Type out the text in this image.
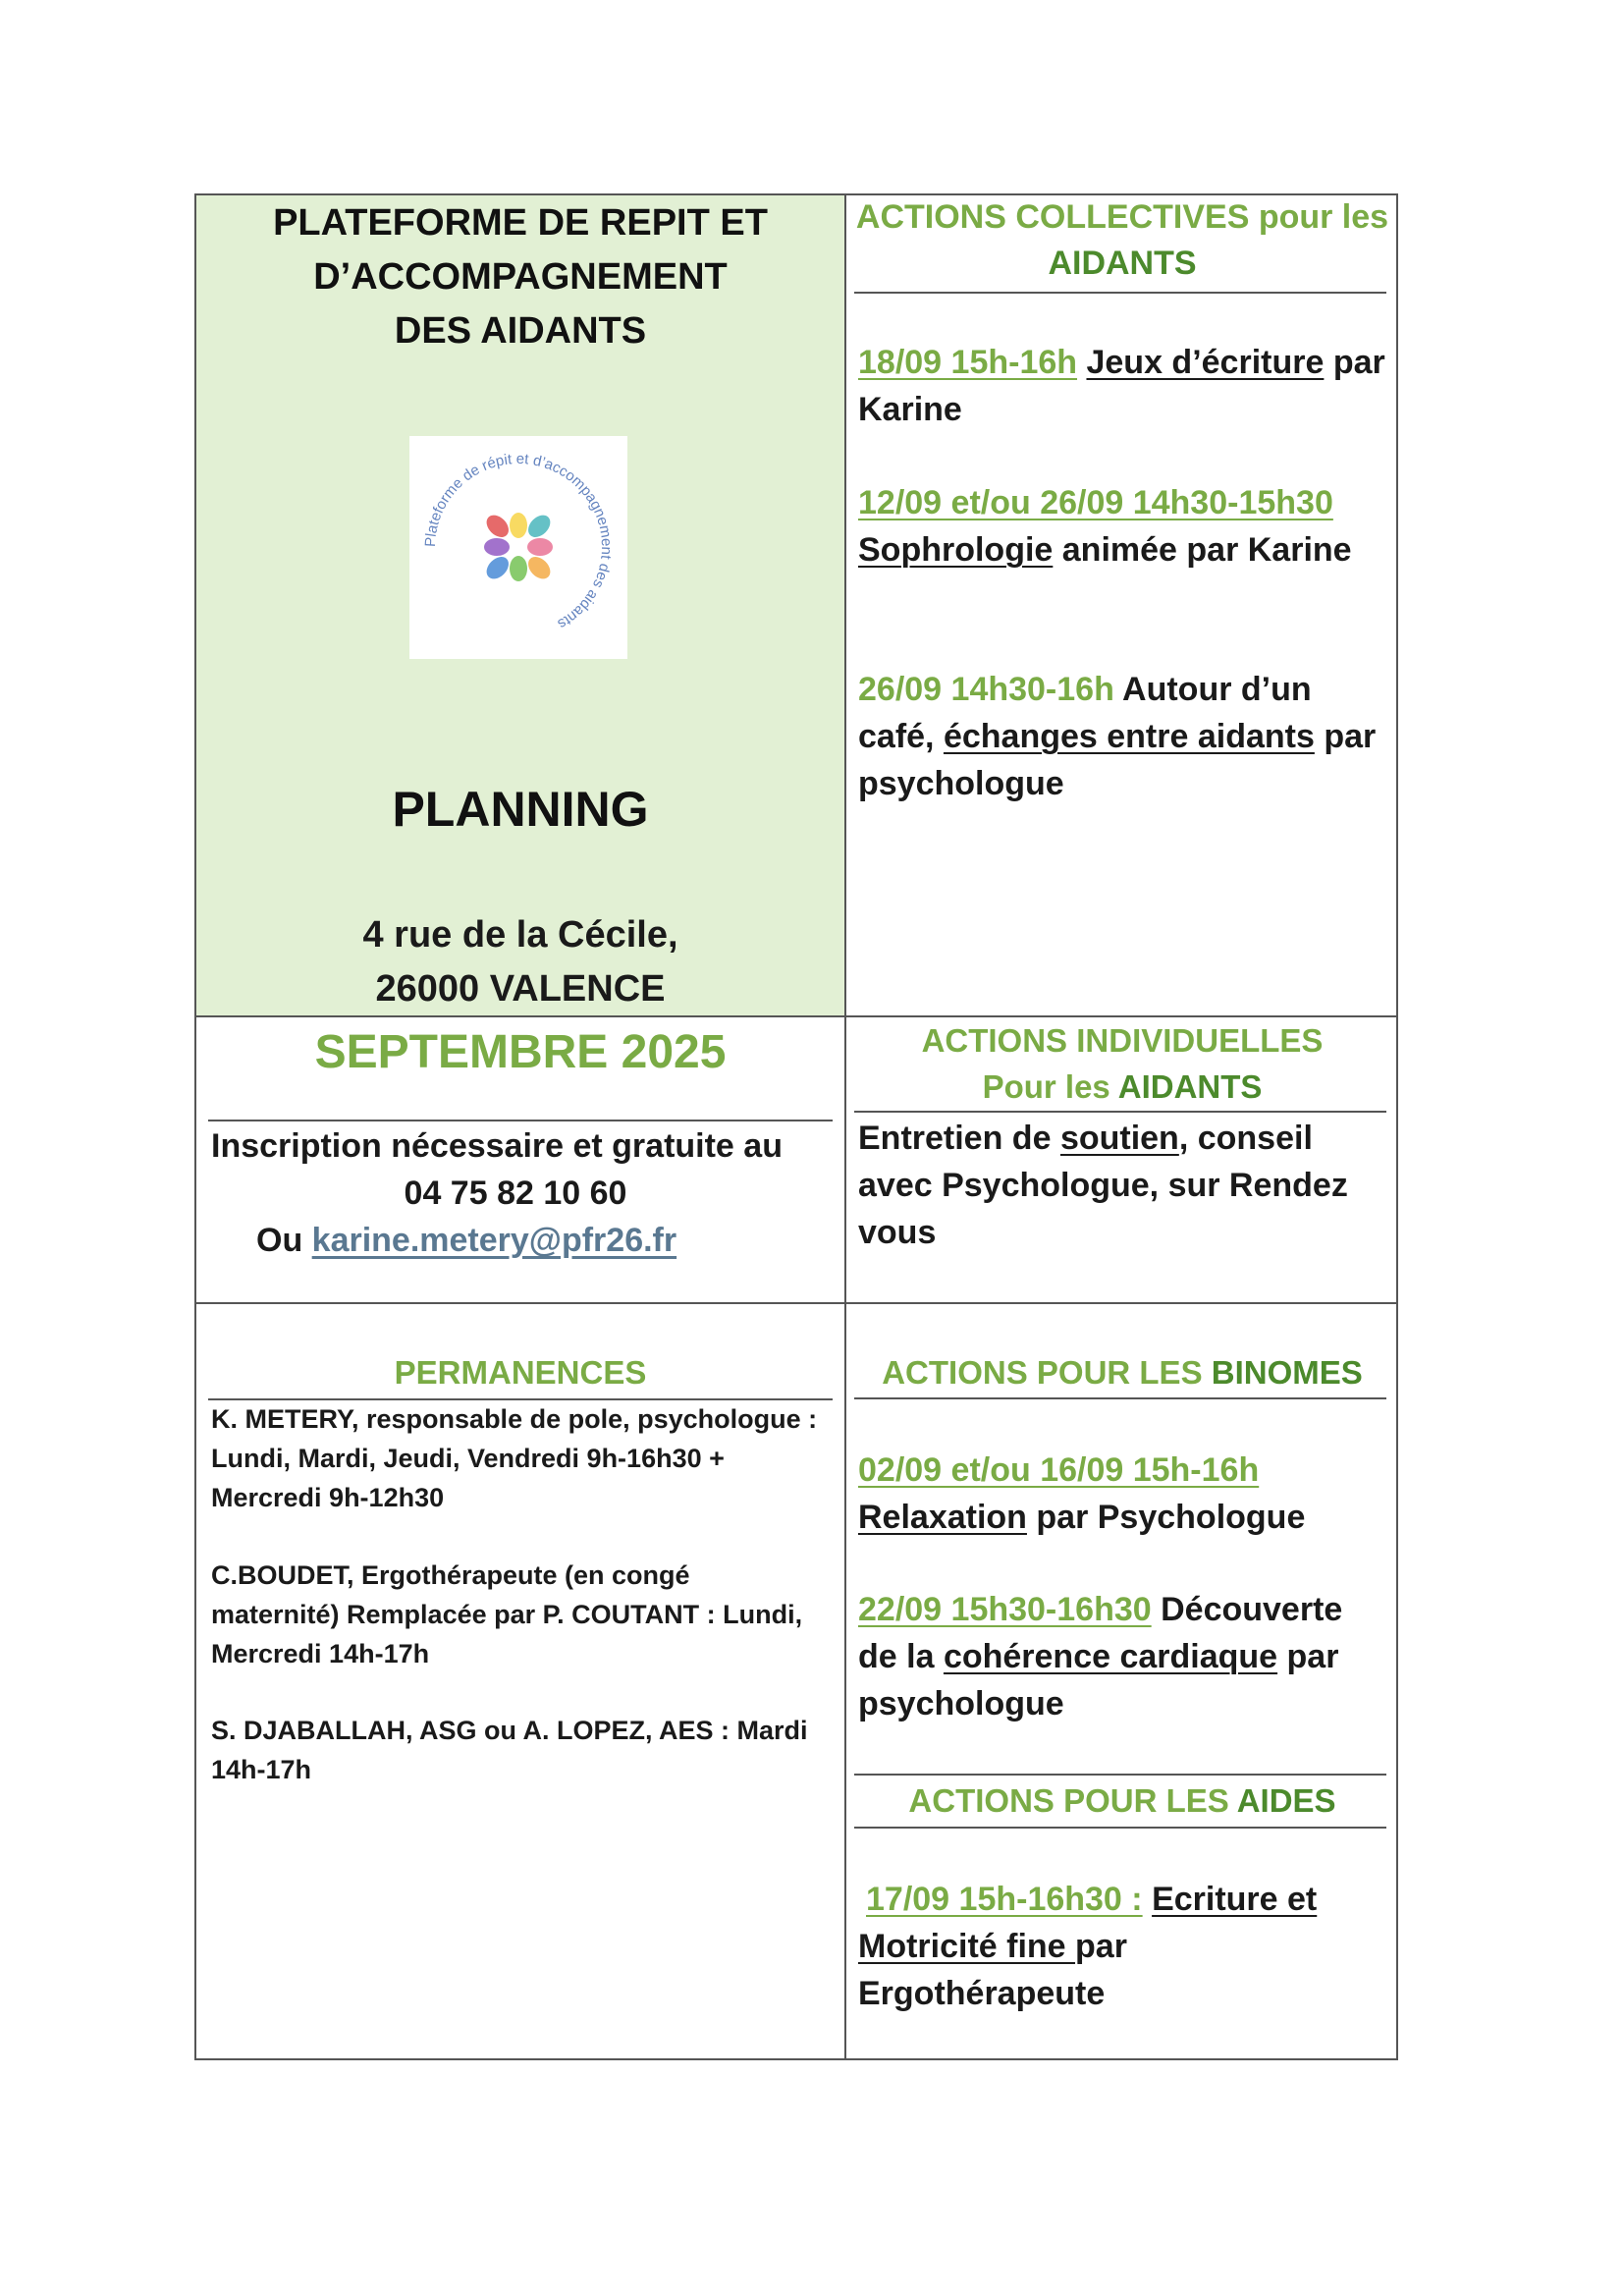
PLATEFORME DE REPIT ET
D’ACCOMPAGNEMENT
DES AIDANTS
Plateforme de répit et d’accompagnement des aidants
PLANNING
4 rue de la Cécile,
26000 VALENCE
ACTIONS COLLECTIVES pour les
AIDANTS
18/09 15h-16h Jeux d’écriture par
Karine
12/09 et/ou 26/09 14h30-15h30
Sophrologie animée par Karine
26/09 14h30-16h Autour d’un
café, échanges entre aidants par
psychologue
SEPTEMBRE 2025
Inscription nécessaire et gratuite au
04 75 82 10 60
Ou karine.metery@pfr26.fr
ACTIONS INDIVIDUELLES
Pour les AIDANTS
Entretien de soutien, conseil
avec Psychologue, sur Rendez
vous
PERMANENCES
K. METERY, responsable de pole, psychologue :
Lundi, Mardi, Jeudi, Vendredi 9h-16h30 +
Mercredi 9h-12h30
C.BOUDET, Ergothérapeute (en congé
maternité) Remplacée par P. COUTANT : Lundi,
Mercredi 14h-17h
S. DJABALLAH, ASG ou A. LOPEZ, AES : Mardi
14h-17h
ACTIONS POUR LES BINOMES
02/09 et/ou 16/09 15h-16h
Relaxation par Psychologue
22/09 15h30-16h30 Découverte
de la cohérence cardiaque par
psychologue
ACTIONS POUR LES AIDES
17/09 15h-16h30 : Ecriture et
Motricité fine par
Ergothérapeute
